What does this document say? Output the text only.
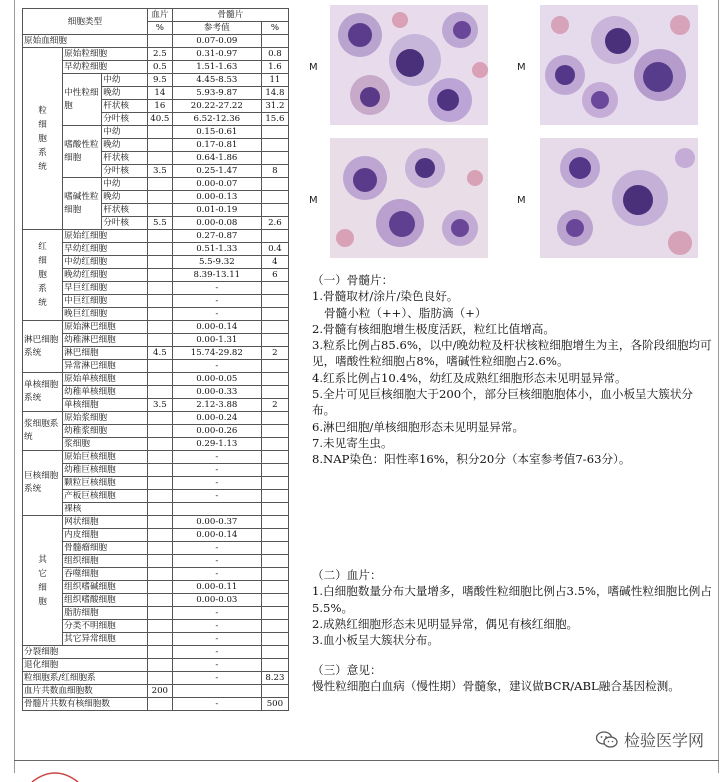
细胞类型			血片	骨髓片	
			%	参考值	%
原始血细胞				0.07-0.09	
粒细胞系统	原始粒细胞		2.5	0.31-0.97	0.8
	早幼粒细胞		0.5	1.51-1.63	1.6
	中性粒细胞	中幼	9.5	4.45-8.53	11
		晚幼	14	5.93-9.87	14.8
		杆状核	16	20.22-27.22	31.2
		分叶核	40.5	6.52-12.36	15.6
	嗜酸性粒细胞	中幼		0.15-0.61	
		晚幼		0.17-0.81	
		杆状核		0.64-1.86	
		分叶核	3.5	0.25-1.47	8
	嗜碱性粒细胞	中幼		0.00-0.07	
		晚幼		0.00-0.13	
		杆状核		0.01-0.19	
		分叶核	5.5	0.00-0.08	2.6
红细胞系统	原始红细胞			0.27-0.87	
	早幼红细胞			0.51-1.33	0.4
	中幼红细胞			5.5-9.32	4
	晚幼红细胞			8.39-13.11	6
	早巨红细胞			-	
	中巨红细胞			-	
	晚巨红细胞			-	
淋巴细胞系统	原始淋巴细胞			0.00-0.14	
	幼稚淋巴细胞			0.00-1.31	
	淋巴细胞		4.5	15.74-29.82	2
	异常淋巴细胞			-	
单核细胞系统	原始单核细胞			0.00-0.05	
	幼稚单核细胞			0.00-0.33	
	单核细胞		3.5	2.12-3.88	2
浆细胞系统	原始浆细胞			0.00-0.24	
	幼稚浆细胞			0.00-0.26	
	浆细胞			0.29-1.13	
巨核细胞系统	原始巨核细胞			-	
	幼稚巨核细胞			-	
	颗粒巨核细胞			-	
	产板巨核细胞			-	
	裸核				
其它细胞	网状细胞			0.00-0.37	
	内皮细胞			0.00-0.14	
	骨髓瘤细胞			-	
	组织细胞			-	
	吞噬细胞			-	
	组织嗜碱细胞			0.00-0.11	
	组织嗜酸细胞			0.00-0.03	
	脂肪细胞			-	
	分类不明细胞			-	
	其它异常细胞			-	
分裂细胞				-	
退化细胞				-	
粒细胞系/红细胞系				-	8.23
血片共数血细胞数			200		
骨髓片共数有核细胞数				-	500
M	M
M	M
（一）骨髓片：
1.骨髓取材/涂片/染色良好。
骨髓小粒（++）、脂肪滴（+）
2.骨髓有核细胞增生极度活跃，粒红比值增高。
3.粒系比例占85.6%，以中/晚幼粒及杆状核粒细胞增生为主，各阶段细胞均可见，嗜酸性粒细胞占8%，嗜碱性粒细胞占2.6%。
4.红系比例占10.4%，幼红及成熟红细胞形态未见明显异常。
5.全片可见巨核细胞大于200个，部分巨核细胞胞体小，血小板呈大簇状分布。
6.淋巴细胞/单核细胞形态未见明显异常。
7.未见寄生虫。
8.NAP染色：阳性率16%，积分20分（本室参考值7-63分）。
（二）血片：
1.白细胞数量分布大量增多，嗜酸性粒细胞比例占3.5%，嗜碱性粒细胞比例占5.5%。
2.成熟红细胞形态未见明显异常，偶见有核红细胞。
3.血小板呈大簇状分布。
（三）意见：
慢性粒细胞白血病（慢性期）骨髓象，建议做BCR/ABL融合基因检测。
检验医学网
